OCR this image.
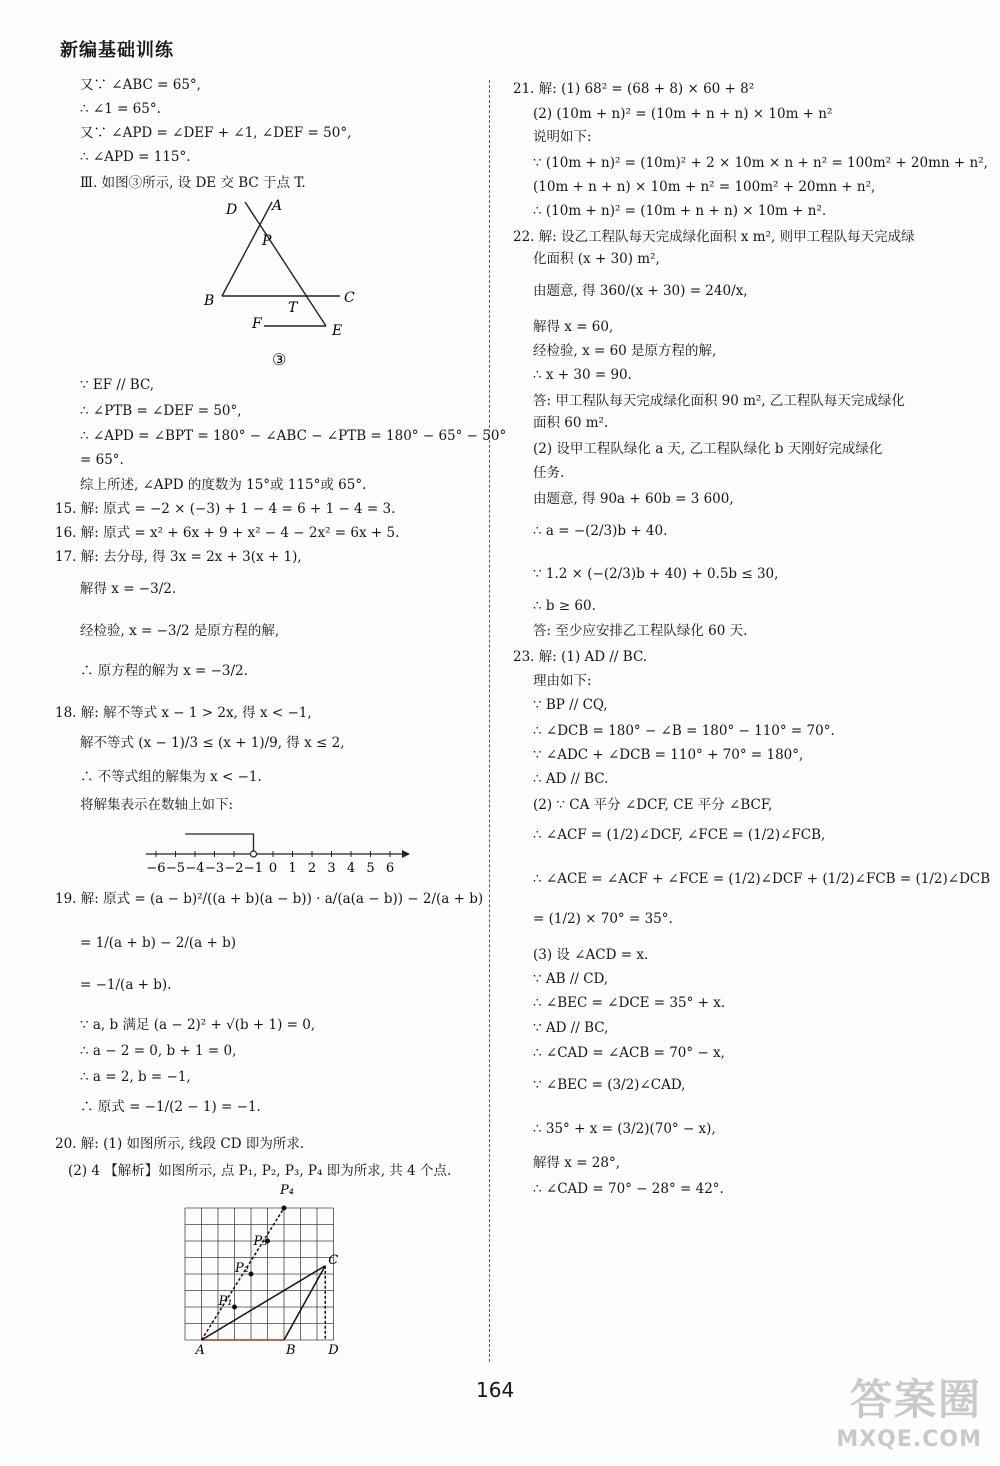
新编基础训练
又∵ ∠ABC = 65°,
∴ ∠1 = 65°.
又∵ ∠APD = ∠DEF + ∠1, ∠DEF = 50°,
∴ ∠APD = 115°.
Ⅲ. 如图③所示, 设 DE 交 BC 于点 T.
∵ EF // BC,
∴ ∠PTB = ∠DEF = 50°,
∴ ∠APD = ∠BPT = 180° − ∠ABC − ∠PTB = 180° − 65° − 50°
= 65°.
综上所述, ∠APD 的度数为 15°或 115°或 65°.
15. 解: 原式 = −2 × (−3) + 1 − 4 = 6 + 1 − 4 = 3.
16. 解: 原式 = x² + 6x + 9 + x² − 4 − 2x² = 6x + 5.
17. 解: 去分母, 得 3x = 2x + 3(x + 1),
解得 x = −3/2.
经检验, x = −3/2 是原方程的解,
∴ 原方程的解为 x = −3/2.
18. 解: 解不等式 x − 1 > 2x, 得 x < −1,
解不等式 (x − 1)/3 ≤ (x + 1)/9, 得 x ≤ 2,
∴ 不等式组的解集为 x < −1.
将解集表示在数轴上如下:
19. 解: 原式 = (a − b)²/((a + b)(a − b)) · a/(a(a − b)) − 2/(a + b)
= 1/(a + b) − 2/(a + b)
= −1/(a + b).
∵ a, b 满足 (a − 2)² + √(b + 1) = 0,
∴ a − 2 = 0, b + 1 = 0,
∴ a = 2, b = −1,
∴ 原式 = −1/(2 − 1) = −1.
20. 解: (1) 如图所示, 线段 CD 即为所求.
(2) 4 【解析】如图所示, 点 P₁, P₂, P₃, P₄ 即为所求, 共 4 个点.
21. 解: (1) 68² = (68 + 8) × 60 + 8²
(2) (10m + n)² = (10m + n + n) × 10m + n²
说明如下:
∵ (10m + n)² = (10m)² + 2 × 10m × n + n² = 100m² + 20mn + n²,
(10m + n + n) × 10m + n² = 100m² + 20mn + n²,
∴ (10m + n)² = (10m + n + n) × 10m + n².
22. 解: 设乙工程队每天完成绿化面积 x m², 则甲工程队每天完成绿
化面积 (x + 30) m²,
由题意, 得 360/(x + 30) = 240/x,
解得 x = 60,
经检验, x = 60 是原方程的解,
∴ x + 30 = 90.
答: 甲工程队每天完成绿化面积 90 m², 乙工程队每天完成绿化
面积 60 m².
(2) 设甲工程队绿化 a 天, 乙工程队绿化 b 天刚好完成绿化
任务.
由题意, 得 90a + 60b = 3 600,
∴ a = −(2/3)b + 40.
∵ 1.2 × (−(2/3)b + 40) + 0.5b ≤ 30,
∴ b ≥ 60.
答: 至少应安排乙工程队绿化 60 天.
23. 解: (1) AD // BC.
理由如下:
∵ BP // CQ,
∴ ∠DCB = 180° − ∠B = 180° − 110° = 70°.
∵ ∠ADC + ∠DCB = 110° + 70° = 180°,
∴ AD // BC.
(2) ∵ CA 平分 ∠DCF, CE 平分 ∠BCF,
∴ ∠ACF = (1/2)∠DCF, ∠FCE = (1/2)∠FCB,
∴ ∠ACE = ∠ACF + ∠FCE = (1/2)∠DCF + (1/2)∠FCB = (1/2)∠DCB
= (1/2) × 70° = 35°.
(3) 设 ∠ACD = x.
∵ AB // CD,
∴ ∠BEC = ∠DCE = 35° + x.
∵ AD // BC,
∴ ∠CAD = ∠ACB = 70° − x,
∵ ∠BEC = (3/2)∠CAD,
∴ 35° + x = (3/2)(70° − x),
解得 x = 28°,
∴ ∠CAD = 70° − 28° = 42°.
D A
P
B	T
C
F	E
③
−6 −5 −4 −3 −2 −1 0 1 2 3 4 5 6
P₄
P₃
P₂
C
P₁
A	B	D
164	答案圈
MXQE.COM
